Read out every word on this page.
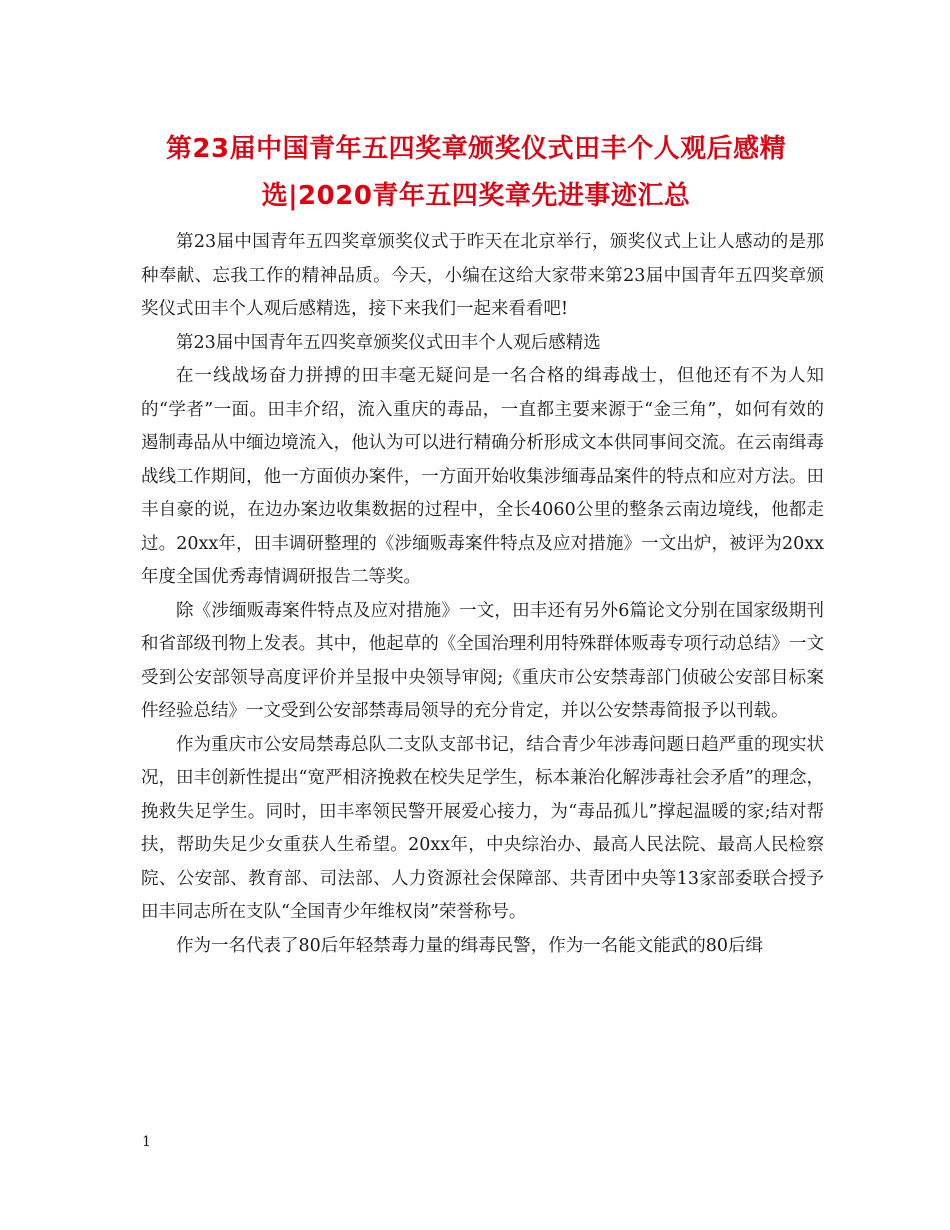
第23届中国青年五四奖章颁奖仪式田丰个人观后感精选|2020青年五四奖章先进事迹汇总

第23届中国青年五四奖章颁奖仪式于昨天在北京举行，颁奖仪式上让人感动的是那种奉献、忘我工作的精神品质。今天，小编在这给大家带来第23届中国青年五四奖章颁奖仪式田丰个人观后感精选，接下来我们一起来看看吧!

第23届中国青年五四奖章颁奖仪式田丰个人观后感精选

在一线战场奋力拼搏的田丰毫无疑问是一名合格的缉毒战士，但他还有不为人知的“学者”一面。田丰介绍，流入重庆的毒品，一直都主要来源于“金三角”，如何有效的遏制毒品从中缅边境流入，他认为可以进行精确分析形成文本供同事间交流。在云南缉毒战线工作期间，他一方面侦办案件，一方面开始收集涉缅毒品案件的特点和应对方法。田丰自豪的说，在边办案边收集数据的过程中，全长4060公里的整条云南边境线，他都走过。20xx年，田丰调研整理的《涉缅贩毒案件特点及应对措施》一文出炉，被评为20xx年度全国优秀毒情调研报告二等奖。

除《涉缅贩毒案件特点及应对措施》一文，田丰还有另外6篇论文分别在国家级期刊和省部级刊物上发表。其中，他起草的《全国治理利用特殊群体贩毒专项行动总结》一文受到公安部领导高度评价并呈报中央领导审阅;《重庆市公安禁毒部门侦破公安部目标案件经验总结》一文受到公安部禁毒局领导的充分肯定，并以公安禁毒简报予以刊载。

作为重庆市公安局禁毒总队二支队支部书记，结合青少年涉毒问题日趋严重的现实状况，田丰创新性提出“宽严相济挽救在校失足学生，标本兼治化解涉毒社会矛盾”的理念，挽救失足学生。同时，田丰率领民警开展爱心接力，为“毒品孤儿”撑起温暖的家;结对帮扶，帮助失足少女重获人生希望。20xx年，中央综治办、最高人民法院、最高人民检察院、公安部、教育部、司法部、人力资源社会保障部、共青团中央等13家部委联合授予田丰同志所在支队“全国青少年维权岗”荣誉称号。

作为一名代表了80后年轻禁毒力量的缉毒民警，作为一名能文能武的80后缉

1
